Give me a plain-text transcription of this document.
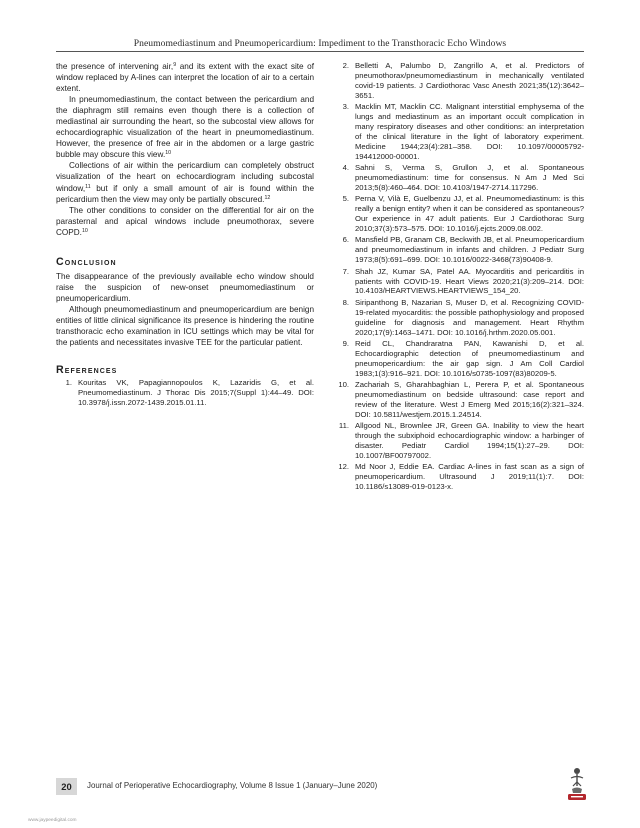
Pneumomediastinum and Pneumopericardium: Impediment to the Transthoracic Echo Windows

the presence of intervening air,$^9$ and its extent with the exact site of window replaced by A-lines can interpret the location of air to a certain extent.

In pneumomediastinum, the contact between the pericardium and the diaphragm still remains even though there is a collection of mediastinal air surrounding the heart, so the subcostal view allows for echocardiographic visualization of the heart in pneumomediastinum. However, the presence of free air in the abdomen or a large gastric bubble may obscure this view.$^{10}$

Collections of air within the pericardium can completely obstruct visualization of the heart on echocardiogram including subcostal window,$^{11}$ but if only a small amount of air is found within the pericardium then the view may only be partially obscured.$^{12}$

The other conditions to consider on the differential for air on the parasternal and apical windows include pneumothorax, severe COPD.$^{10}$

Conclusion

The disappearance of the previously available echo window should raise the suspicion of new-onset pneumomediastinum or pneumopericardium.

Although pneumomediastinum and pneumopericardium are benign entities of little clinical significance its presence is hindering the routine transthoracic echo examination in ICU settings which may be vital for the patients and necessitates invasive TEE for the particular patient.

References
1. Kouritas VK, Papagiannopoulos K, Lazaridis G, et al. Pneumomediastinum. J Thorac Dis 2015;7(Suppl 1):44–49. DOI: 10.3978/j.issn.2072-1439.2015.01.11.
2. Belletti A, Palumbo D, Zangrillo A, et al. Predictors of pneumothorax/pneumomediastinum in mechanically ventilated covid-19 patients. J Cardiothorac Vasc Anesth 2021;35(12):3642–3651.
3. Macklin MT, Macklin CC. Malignant interstitial emphysema of the lungs and mediastinum as an important occult complication in many respiratory diseases and other conditions: an interpretation of the clinical literature in the light of laboratory experiment. Medicine 1944;23(4):281–358. DOI: 10.1097/00005792-194412000-00001.
4. Sahni S, Verma S, Grullon J, et al. Spontaneous pneumomediastinum: time for consensus. N Am J Med Sci 2013;5(8):460–464. DOI: 10.4103/1947-2714.117296.
5. Perna V, Vilà E, Guelbenzu JJ, et al. Pneumomediastinum: is this really a benign entity? when it can be considered as spontaneous? Our experience in 47 adult patients. Eur J Cardiothorac Surg 2010;37(3):573–575. DOI: 10.1016/j.ejcts.2009.08.002.
6. Mansfield PB, Granam CB, Beckwith JB, et al. Pneumopericardium and pneumomediastinum in infants and children. J Pediatr Surg 1973;8(5):691–699. DOI: 10.1016/0022-3468(73)90408-9.
7. Shah JZ, Kumar SA, Patel AA. Myocarditis and pericarditis in patients with COVID-19. Heart Views 2020;21(3):209–214. DOI: 10.4103/HEARTVIEWS.HEARTVIEWS_154_20.
8. Siripanthong B, Nazarian S, Muser D, et al. Recognizing COVID-19-related myocarditis: the possible pathophysiology and proposed guideline for diagnosis and management. Heart Rhythm 2020;17(9):1463–1471. DOI: 10.1016/j.hrthm.2020.05.001.
9. Reid CL, Chandraratna PAN, Kawanishi D, et al. Echocardiographic detection of pneumomediastinum and pneumopericardium: the air gap sign. J Am Coll Cardiol 1983;1(3):916–921. DOI: 10.1016/s0735-1097(83)80209-5.
10. Zachariah S, Gharahbaghian L, Perera P, et al. Spontaneous pneumomediastinum on bedside ultrasound: case report and review of the literature. West J Emerg Med 2015;16(2):321–324. DOI: 10.5811/westjem.2015.1.24514.
11. Allgood NL, Brownlee JR, Green GA. Inability to view the heart through the subxiphoid echocardiographic window: a harbinger of disaster. Pediatr Cardiol 1994;15(1):27–29. DOI: 10.1007/BF00797002.
12. Md Noor J, Eddie EA. Cardiac A-lines in fast scan as a sign of pneumopericardium. Ultrasound J 2019;11(1):7. DOI: 10.1186/s13089-019-0123-x.
20	Journal of Perioperative Echocardiography, Volume 8 Issue 1 (January–June 2020)
www.jaypeedigital.com
